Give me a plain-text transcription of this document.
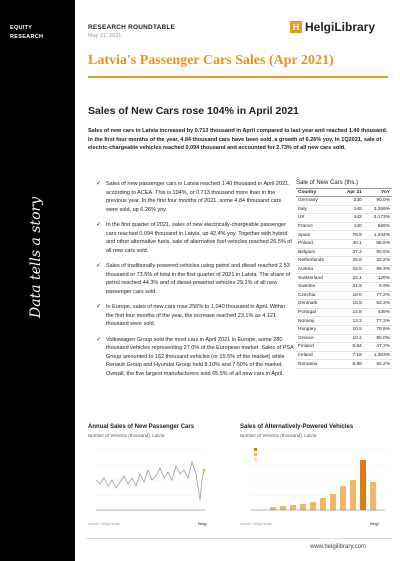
EQUITY
RESEARCH
Data tells a story
RESEARCH ROUNDTABLE
May 21, 2021
H HelgiLibrary
Latvia's Passenger Cars Sales (Apr 2021)
Sales of New Cars rose 104% in April 2021
Sales of new cars in Latvia increased by 0.713 thousand in April compared to last year and reached 1.40 thousand. In the first four months of the year, 4.84 thousand cars have been sold, a growth of 6.26% yoy. In 1Q2021, sale of electric-chargeable vehicles reached 0.094 thousand and accounted for 2.73% of all new cars sold.
✓ Sales of new passenger cars in Latvia reached 1.40 thousand in April 2021, according to ACEA. This is 104%, or 0.713 thousand more than in the previous year. In the first four months of 2021, some 4.84 thousand cars were sold, up 6.26% yoy.
✓ In the first quarter of 2021, sales of new electrically-chargeable passenger cars reached 0.094 thousand in Latvia, up 42.4% yoy. Together with hybrid and other alternative fuels, sale of alternative fuel vehicles reached 26.5% of all new cars sold.
✓ Sales of traditionally-powered vehicles using petrol and diesel reached 2.53 thousand or 73.5% of total in the first quarter of 2021 in Latvia. The share of petrol reached 44.3% and of diesel-powered vehicles 29.1% of all new passenger cars sold.
✓ In Europe, sales of new cars rose 256% to 1,040 thousand in April. Within the first four months of the year, the increase reached 23.1% as 4,121 thousand were sold.
✓ Volkswagen Group sold the most cars in April 2021 in Europe, some 280 thousand vehicles representing 27.0% of the European market. Sales of PSA Group amounted to 162 thousand vehicles (or 15.5% of the market) while Renault Group and Hyundai Group held 8.10% and 7.50% of the market. Overall, the five largest manufacturers sold 65.5% of all new cars in April.
Sale of New Cars (ths.)
Country	Apr 21	YoY
Germany	230	90.0%
Italy	145	3,269%
UK	142	3,173%
France	140	566%
Spain	78.9	1,344%
Poland	40.1	88.6%
Belgium	37.2	80.6%
Netherlands	25.8	32.2%
Austria	22.5	99.3%
Switzerland	22.1	129%
Sweden	21.9	6.9%
Czechia	19.0	77.2%
Denmark	15.5	52.3%
Portugal	14.8	439%
Norway	13.2	77.3%
Hungary	10.5	76.9%
Greece	10.2	90.0%
Finland	8.84	47.2%
Ireland	7.16	1,303%
Romania	6.88	92.2%
Annual Sales of New Passenger Cars
Number of Vehicles (thousand), Latvia
Source: HelgiLibrary	Helgi
Sales of Alternatively-Powered Vehicles
Number of Vehicles (thousand), Latvia
Source: HelgiLibrary	Helgi
www.helgilibrary.com
